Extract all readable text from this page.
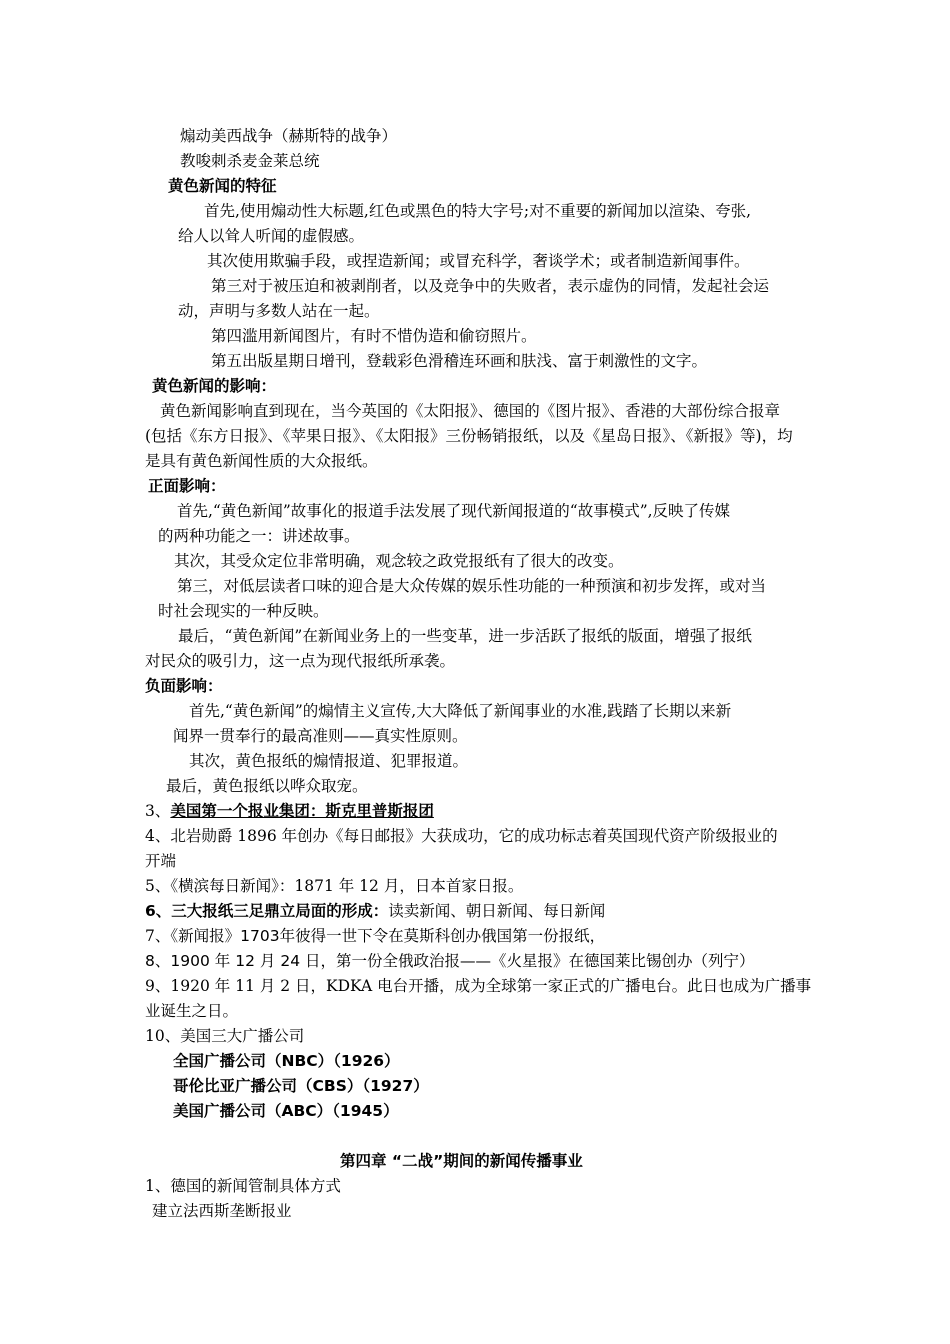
煽动美西战争（赫斯特的战争）
教唆刺杀麦金莱总统
黄色新闻的特征
首先,使用煽动性大标题,红色或黑色的特大字号;对不重要的新闻加以渲染、夸张,
给人以耸人听闻的虚假感。
其次使用欺骗手段，或捏造新闻；或冒充科学，奢谈学术；或者制造新闻事件。
第三对于被压迫和被剥削者，以及竞争中的失败者，表示虚伪的同情，发起社会运
动，声明与多数人站在一起。
第四滥用新闻图片，有时不惜伪造和偷窃照片。
第五出版星期日增刊，登载彩色滑稽连环画和肤浅、富于刺激性的文字。
黄色新闻的影响：
黄色新闻影响直到现在，当今英国的《太阳报》、德国的《图片报》、香港的大部份综合报章
(包括《东方日报》、《苹果日报》、《太阳报》三份畅销报纸，以及《星岛日报》、《新报》等)，均
是具有黄色新闻性质的大众报纸。
正面影响：
首先,“黄色新闻”故事化的报道手法发展了现代新闻报道的“故事模式”,反映了传媒
的两种功能之一：讲述故事。
其次，其受众定位非常明确，观念较之政党报纸有了很大的改变。
第三，对低层读者口味的迎合是大众传媒的娱乐性功能的一种预演和初步发挥，或对当
时社会现实的一种反映。
最后，“黄色新闻”在新闻业务上的一些变革，进一步活跃了报纸的版面，增强了报纸
对民众的吸引力，这一点为现代报纸所承袭。
负面影响：
首先,“黄色新闻”的煽情主义宣传,大大降低了新闻事业的水准,践踏了长期以来新
闻界一贯奉行的最高准则——真实性原则。
其次，黄色报纸的煽情报道、犯罪报道。
最后，黄色报纸以哗众取宠。
3、美国第一个报业集团：斯克里普斯报团
4、北岩勋爵 1896 年创办《每日邮报》大获成功，它的成功标志着英国现代资产阶级报业的
开端
5、《横滨每日新闻》：1871 年 12 月，日本首家日报。
6、三大报纸三足鼎立局面的形成：读卖新闻、朝日新闻、每日新闻
7、《新闻报》1703年彼得一世下令在莫斯科创办俄国第一份报纸，
8、1900 年 12 月 24 日，第一份全俄政治报——《火星报》在德国莱比锡创办（列宁）
9、1920 年 11 月 2 日，KDKA 电台开播，成为全球第一家正式的广播电台。此日也成为广播事
业诞生之日。
10、美国三大广播公司
全国广播公司（NBC）（1926）
哥伦比亚广播公司（CBS）（1927）
美国广播公司（ABC）（1945）
第四章 “二战”期间的新闻传播事业
1、德国的新闻管制具体方式
建立法西斯垄断报业
